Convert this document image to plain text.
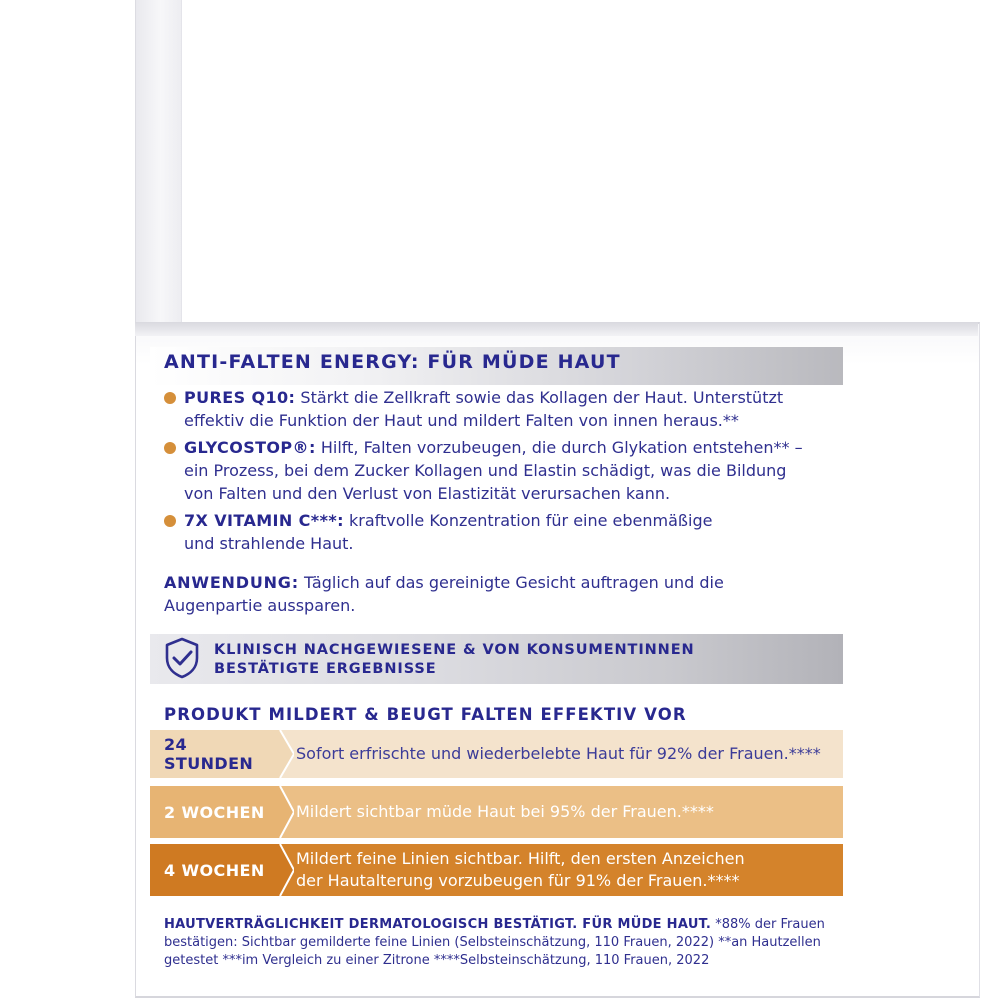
ANTI-FALTEN ENERGY: FÜR MÜDE HAUT
PURES Q10: Stärkt die Zellkraft sowie das Kollagen der Haut. Unterstützt
effektiv die Funktion der Haut und mildert Falten von innen heraus.**
GLYCOSTOP®: Hilft, Falten vorzubeugen, die durch Glykation entstehen** –
ein Prozess, bei dem Zucker Kollagen und Elastin schädigt, was die Bildung
von Falten und den Verlust von Elastizität verursachen kann.
7X VITAMIN C***: kraftvolle Konzentration für eine ebenmäßige
und strahlende Haut.
ANWENDUNG: Täglich auf das gereinigte Gesicht auftragen und die
Augenpartie aussparen.
KLINISCH NACHGEWIESENE & VON KONSUMENTINNEN
BESTÄTIGTE ERGEBNISSE
PRODUKT MILDERT & BEUGT FALTEN EFFEKTIV VOR
24 STUNDEN
Sofort erfrischte und wiederbelebte Haut für 92% der Frauen.****
2 WOCHEN	Mildert sichtbar müde Haut bei 95% der Frauen.****
4 WOCHEN
Mildert feine Linien sichtbar. Hilft, den ersten Anzeichen
der Hautalterung vorzubeugen für 91% der Frauen.****
HAUTVERTRÄGLICHKEIT DERMATOLOGISCH BESTÄTIGT. FÜR MÜDE HAUT. *88% der Frauen
bestätigen: Sichtbar gemilderte feine Linien (Selbsteinschätzung, 110 Frauen, 2022) **an Hautzellen
getestet ***im Vergleich zu einer Zitrone ****Selbsteinschätzung, 110 Frauen, 2022
